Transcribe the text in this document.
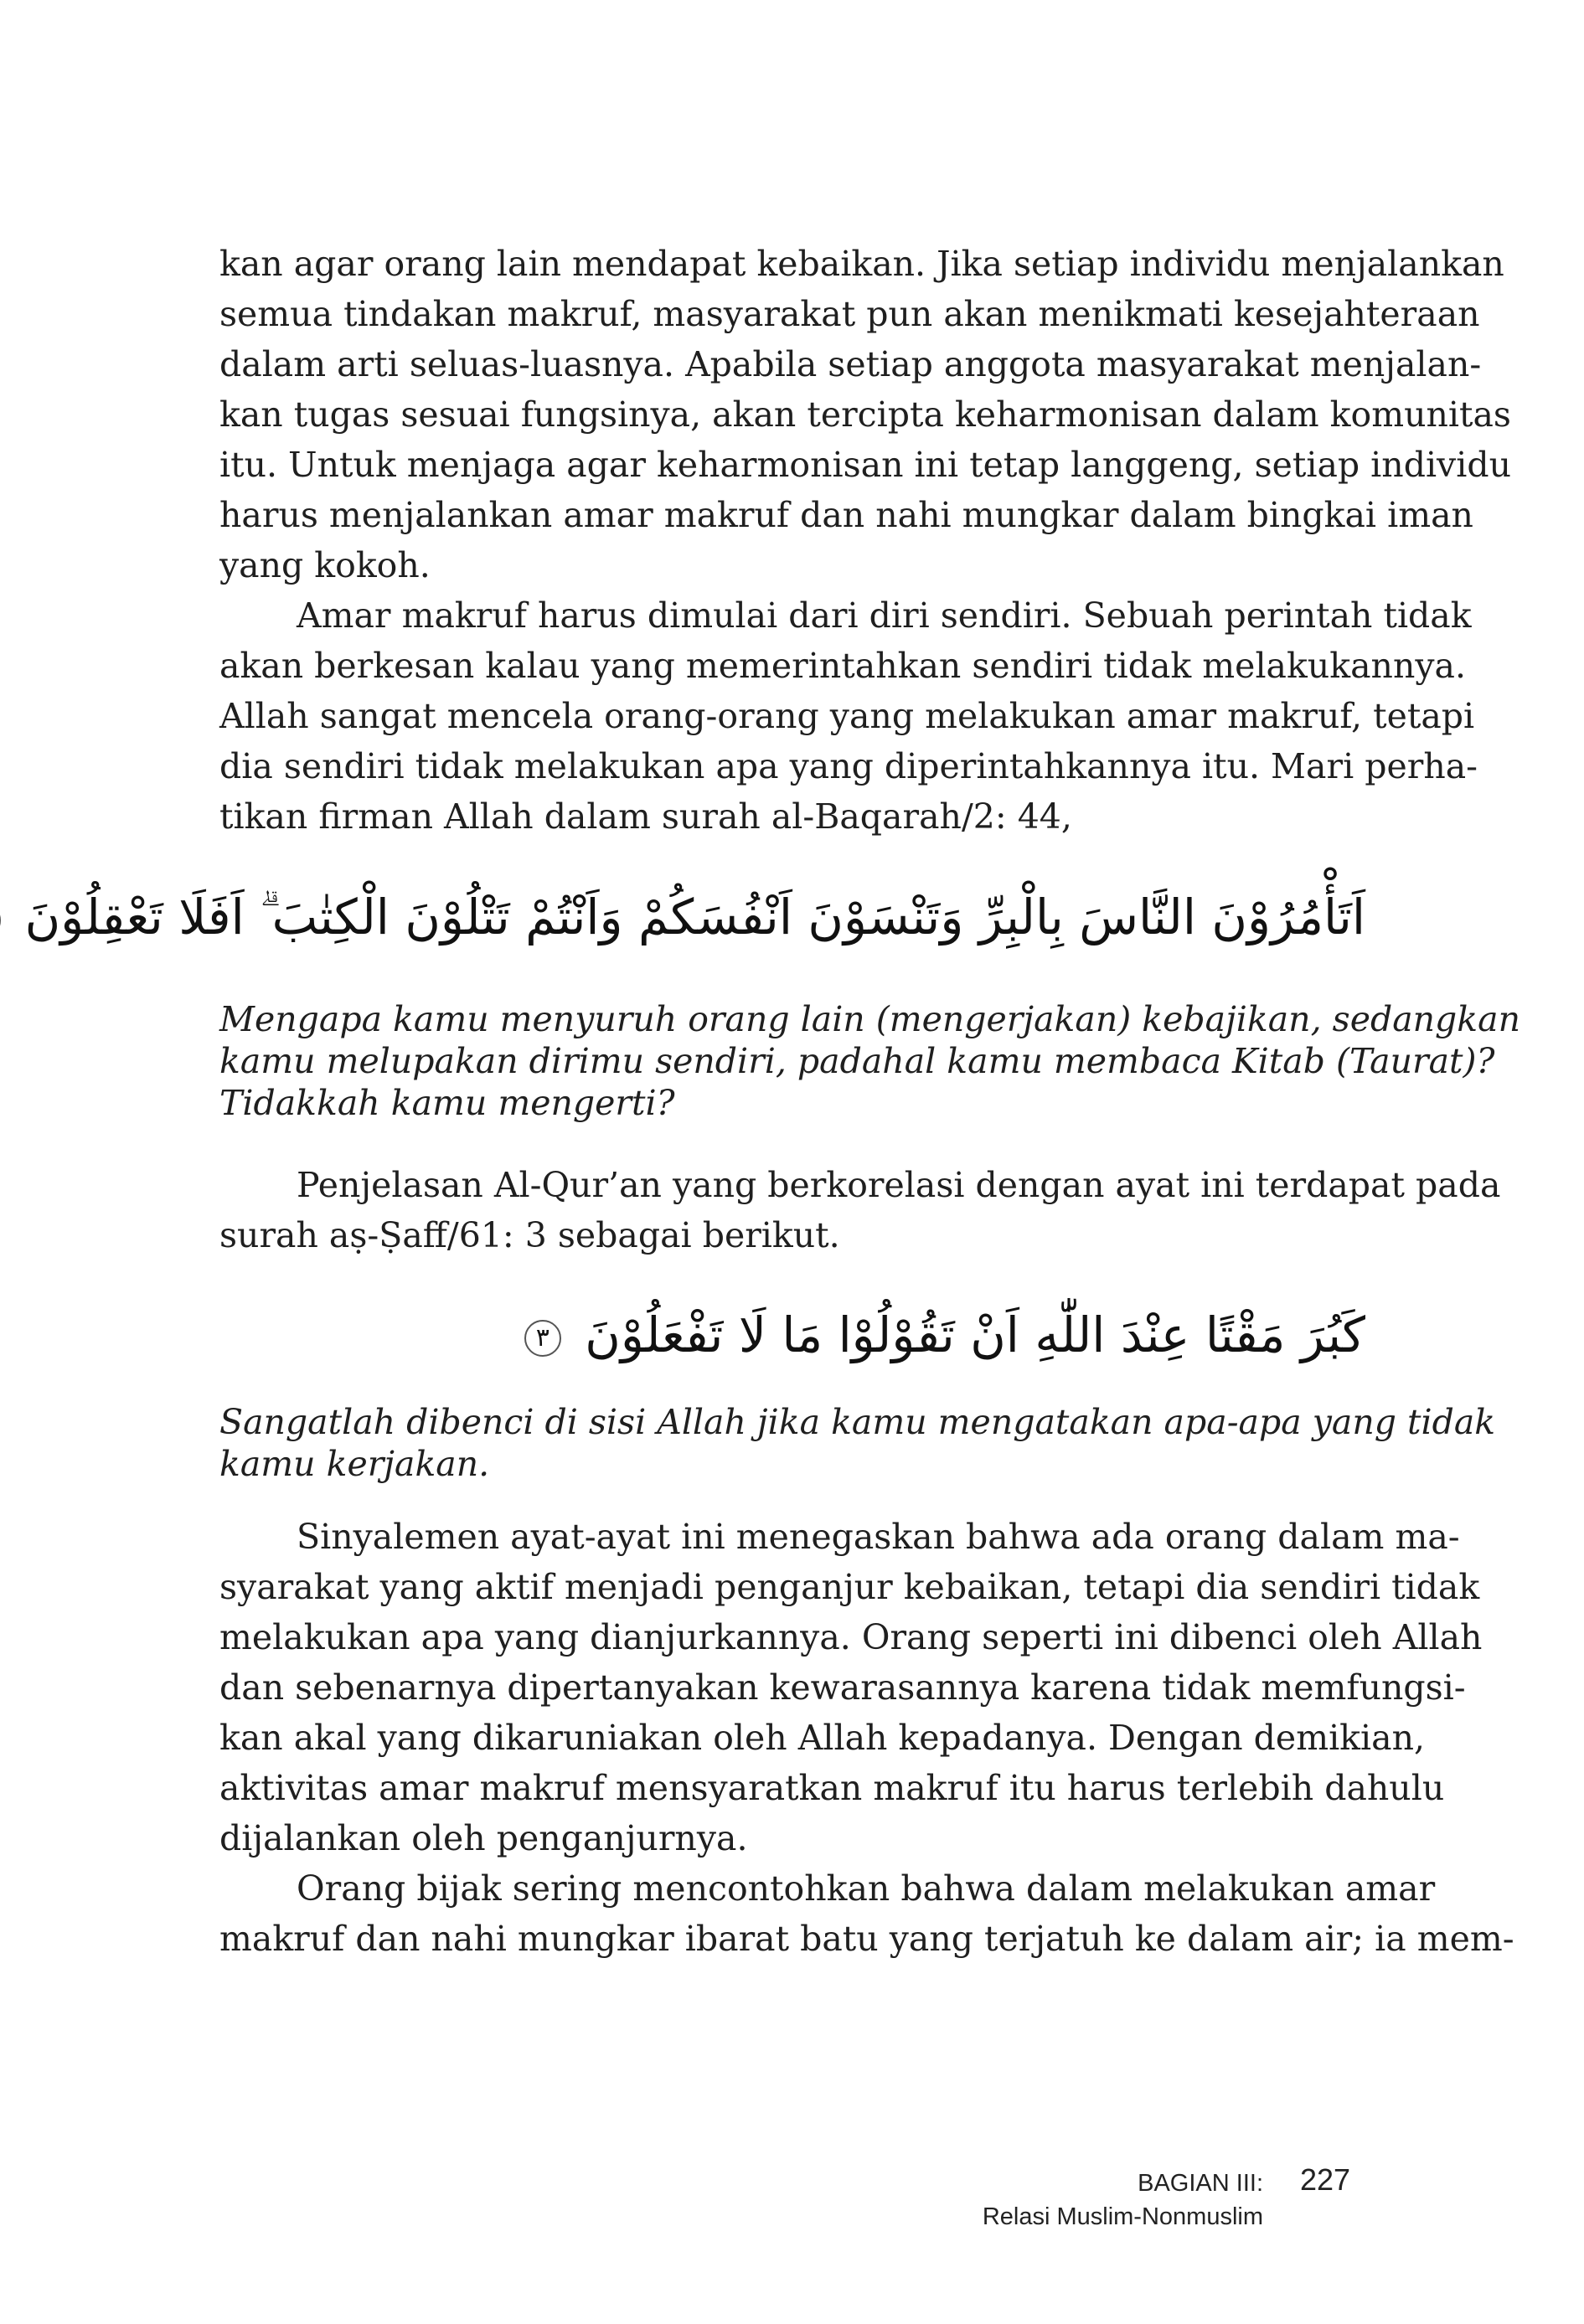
kan agar orang lain mendapat kebaikan. Jika setiap individu menjalankan
semua tindakan makruf, masyarakat pun akan menikmati kesejahteraan
dalam arti seluas-luasnya. Apabila setiap anggota masyarakat menjalan-
kan tugas sesuai fungsinya, akan tercipta keharmonisan dalam komunitas
itu. Untuk menjaga agar keharmonisan ini tetap langgeng, setiap individu
harus menjalankan amar makruf dan nahi mungkar dalam bingkai iman
yang kokoh.
Amar makruf harus dimulai dari diri sendiri. Sebuah perintah tidak
akan berkesan kalau yang memerintahkan sendiri tidak melakukannya.
Allah sangat mencela orang-orang yang melakukan amar makruf, tetapi
dia sendiri tidak melakukan apa yang diperintahkannya itu. Mari perha-
tikan firman Allah dalam surah al-Baqarah/2: 44,
اَتَأْمُرُوْنَ النَّاسَ بِالْبِرِّ وَتَنْسَوْنَ اَنْفُسَكُمْ وَاَنْتُمْ تَتْلُوْنَ الْكِتٰبَ ۗ اَفَلَا تَعْقِلُوْنَ
Mengapa kamu menyuruh orang lain (mengerjakan) kebajikan, sedangkan
kamu melupakan dirimu sendiri, padahal kamu membaca Kitab (Taurat)?
Tidakkah kamu mengerti?
Penjelasan Al-Qur’an yang berkorelasi dengan ayat ini terdapat pada
surah aṣ-Ṣaff/61: 3 sebagai berikut.
كَبُرَ مَقْتًا عِنْدَ اللّٰهِ اَنْ تَقُوْلُوْا مَا لَا تَفْعَلُوْنَ ٣
Sangatlah dibenci di sisi Allah jika kamu mengatakan apa-apa yang tidak
kamu kerjakan.
Sinyalemen ayat-ayat ini menegaskan bahwa ada orang dalam ma-
syarakat yang aktif menjadi penganjur kebaikan, tetapi dia sendiri tidak
melakukan apa yang dianjurkannya. Orang seperti ini dibenci oleh Allah
dan sebenarnya dipertanyakan kewarasannya karena tidak memfungsi-
kan akal yang dikaruniakan oleh Allah kepadanya. Dengan demikian,
aktivitas amar makruf mensyaratkan makruf itu harus terlebih dahulu
dijalankan oleh penganjurnya.
Orang bijak sering mencontohkan bahwa dalam melakukan amar
makruf dan nahi mungkar ibarat batu yang terjatuh ke dalam air; ia mem-
BAGIAN III:
Relasi Muslim-Nonmuslim
227
